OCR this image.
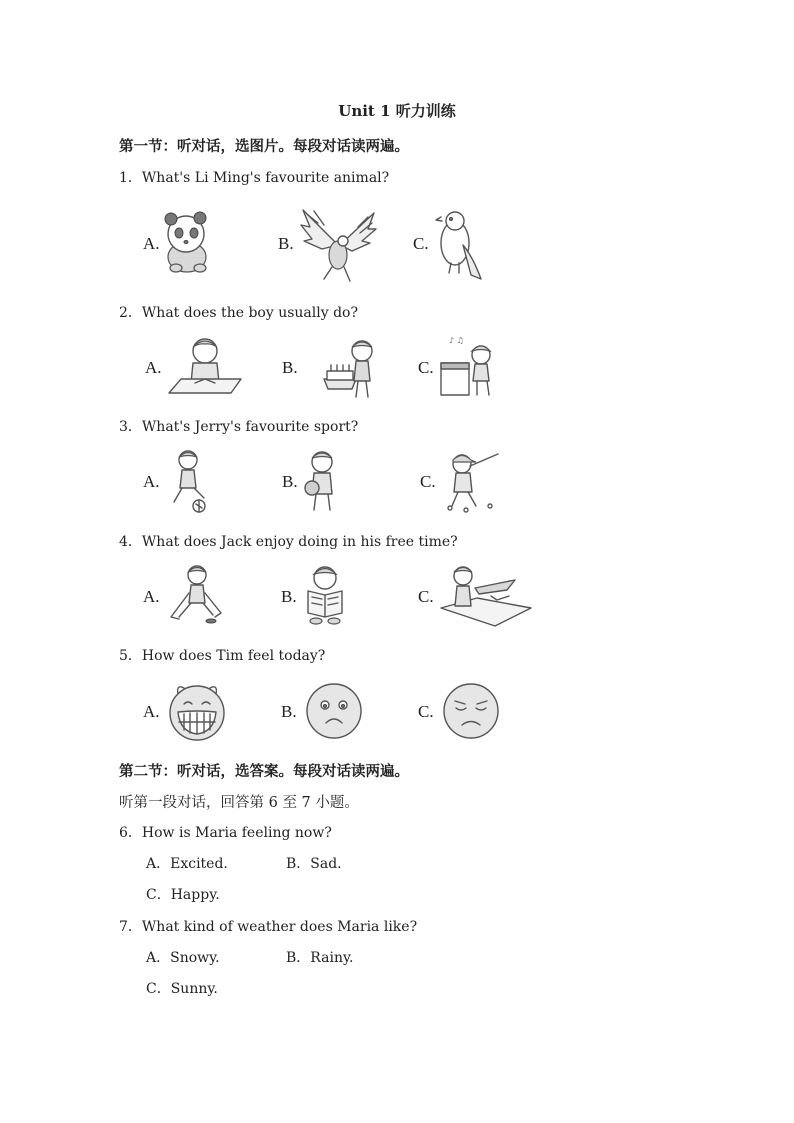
Unit 1 听力训练
第一节：听对话，选图片。每段对话读两遍。
1．What's Li Ming's favourite animal?
A.	B.	C.
2．What does the boy usually do?
A.	B.	C.
♪ ♫
3．What's Jerry's favourite sport?
A.	B.	C.
4．What does Jack enjoy doing in his free time?
A.	B.	C.
5．How does Tim feel today?
A.	B.	C.
第二节：听对话，选答案。每段对话读两遍。
听第一段对话，回答第 6 至 7 小题。
6．How is Maria feeling now?
A．Excited.	B．Sad.
C．Happy.
7．What kind of weather does Maria like?
A．Snowy.	B．Rainy.
C．Sunny.
